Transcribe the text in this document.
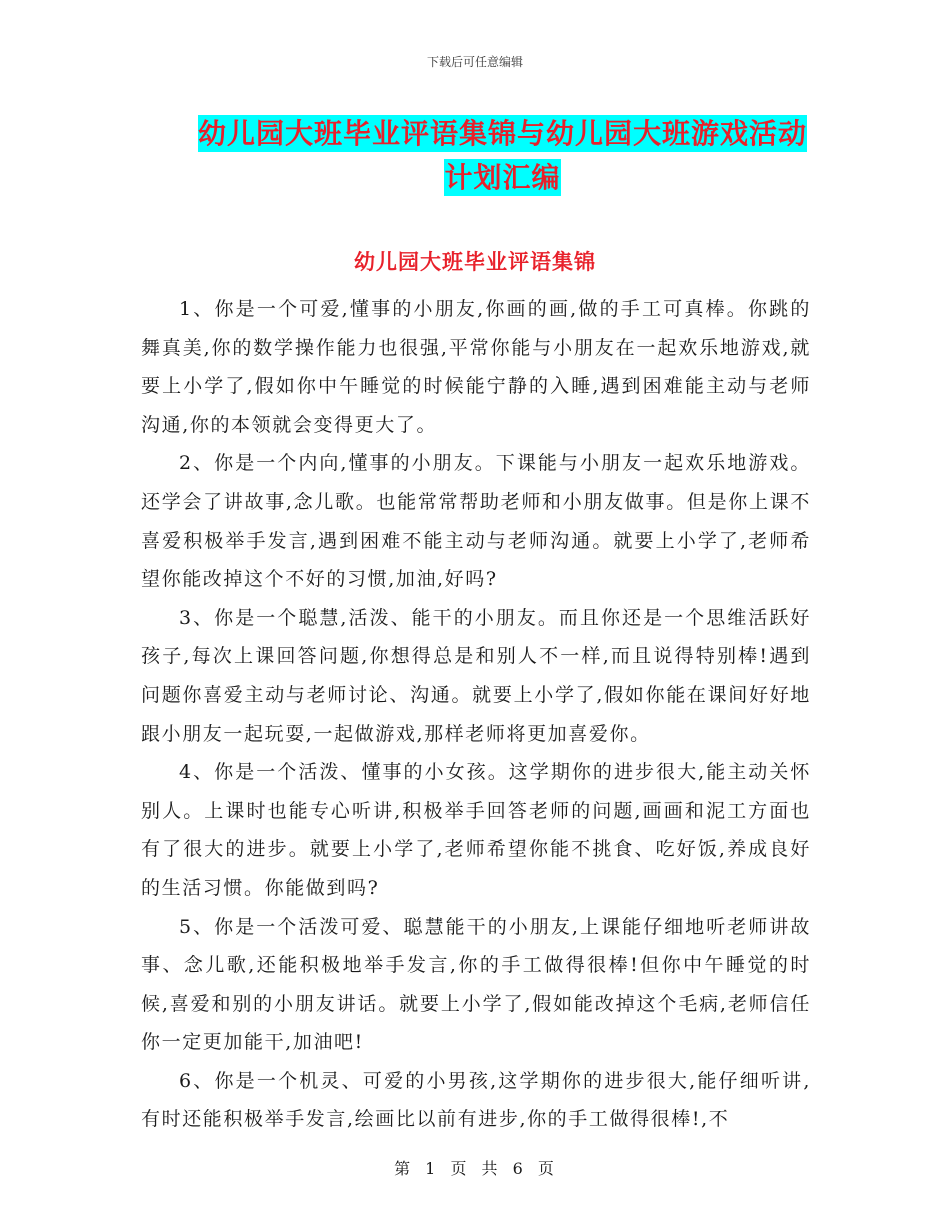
下载后可任意编辑
幼儿园大班毕业评语集锦与幼儿园大班游戏活动计划汇编
幼儿园大班毕业评语集锦

1、你是一个可爱,懂事的小朋友,你画的画,做的手工可真棒。你跳的舞真美,你的数学操作能力也很强,平常你能与小朋友在一起欢乐地游戏,就要上小学了,假如你中午睡觉的时候能宁静的入睡,遇到困难能主动与老师沟通,你的本领就会变得更大了。

2、你是一个内向,懂事的小朋友。下课能与小朋友一起欢乐地游戏。还学会了讲故事,念儿歌。也能常常帮助老师和小朋友做事。但是你上课不喜爱积极举手发言,遇到困难不能主动与老师沟通。就要上小学了,老师希望你能改掉这个不好的习惯,加油,好吗?

3、你是一个聪慧,活泼、能干的小朋友。而且你还是一个思维活跃好孩子,每次上课回答问题,你想得总是和别人不一样,而且说得特别棒!遇到问题你喜爱主动与老师讨论、沟通。就要上小学了,假如你能在课间好好地跟小朋友一起玩耍,一起做游戏,那样老师将更加喜爱你。

4、你是一个活泼、懂事的小女孩。这学期你的进步很大,能主动关怀别人。上课时也能专心听讲,积极举手回答老师的问题,画画和泥工方面也有了很大的进步。就要上小学了,老师希望你能不挑食、吃好饭,养成良好的生活习惯。你能做到吗?

5、你是一个活泼可爱、聪慧能干的小朋友,上课能仔细地听老师讲故事、念儿歌,还能积极地举手发言,你的手工做得很棒!但你中午睡觉的时候,喜爱和别的小朋友讲话。就要上小学了,假如能改掉这个毛病,老师信任你一定更加能干,加油吧!

6、你是一个机灵、可爱的小男孩,这学期你的进步很大,能仔细听讲,有时还能积极举手发言,绘画比以前有进步,你的手工做得很棒!,不

第 1 页 共 6 页
